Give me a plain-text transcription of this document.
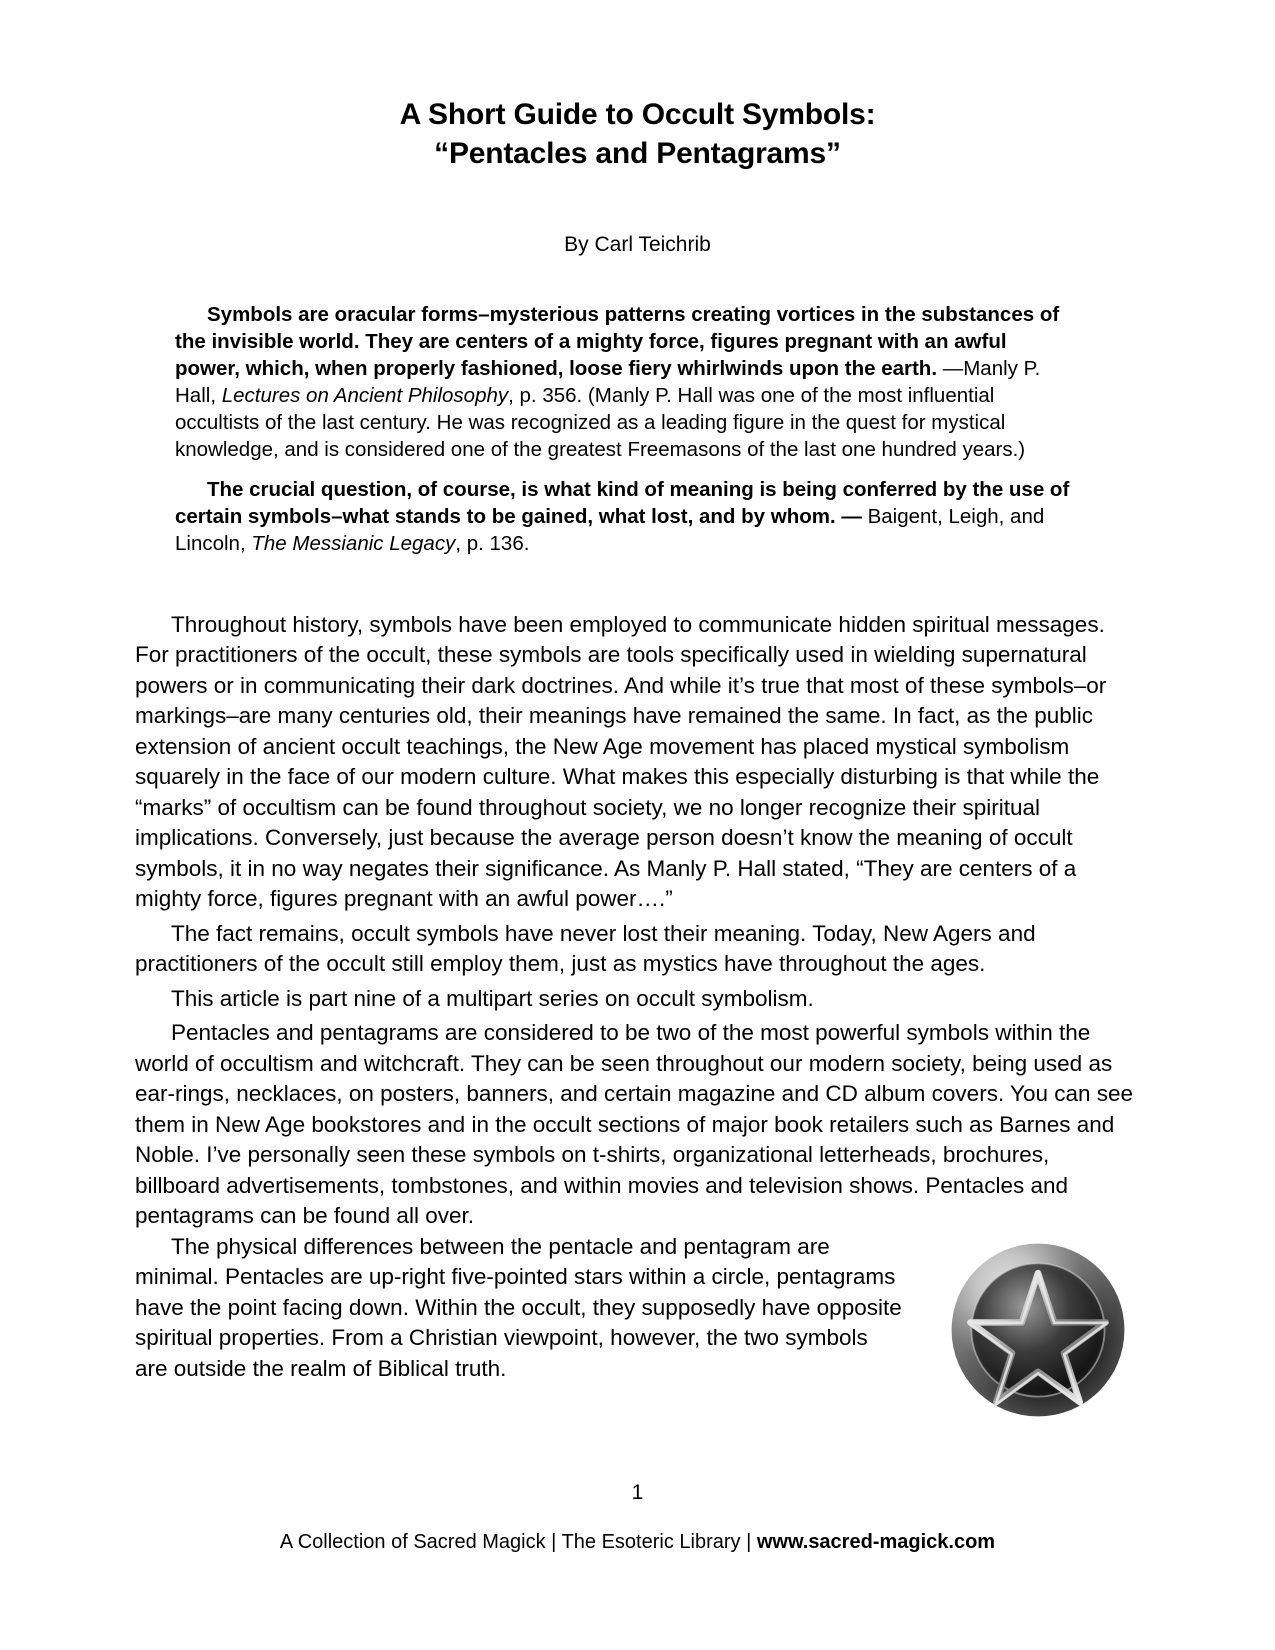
A Short Guide to Occult Symbols:
“Pentacles and Pentagrams”
By Carl Teichrib

Symbols are oracular forms–mysterious patterns creating vortices in the substances of the invisible world. They are centers of a mighty force, figures pregnant with an awful power, which, when properly fashioned, loose fiery whirlwinds upon the earth. —Manly P. Hall, Lectures on Ancient Philosophy, p. 356. (Manly P. Hall was one of the most influential occultists of the last century. He was recognized as a leading figure in the quest for mystical knowledge, and is considered one of the greatest Freemasons of the last one hundred years.)

The crucial question, of course, is what kind of meaning is being conferred by the use of certain symbols–what stands to be gained, what lost, and by whom. — Baigent, Leigh, and Lincoln, The Messianic Legacy, p. 136.

Throughout history, symbols have been employed to communicate hidden spiritual messages. For practitioners of the occult, these symbols are tools specifically used in wielding supernatural powers or in communicating their dark doctrines. And while it’s true that most of these symbols–or markings–are many centuries old, their meanings have remained the same. In fact, as the public extension of ancient occult teachings, the New Age movement has placed mystical symbolism squarely in the face of our modern culture. What makes this especially disturbing is that while the “marks” of occultism can be found throughout society, we no longer recognize their spiritual implications. Conversely, just because the average person doesn’t know the meaning of occult symbols, it in no way negates their significance. As Manly P. Hall stated, “They are centers of a mighty force, figures pregnant with an awful power….”

The fact remains, occult symbols have never lost their meaning. Today, New Agers and practitioners of the occult still employ them, just as mystics have throughout the ages.

This article is part nine of a multipart series on occult symbolism.

Pentacles and pentagrams are considered to be two of the most powerful symbols within the world of occultism and witchcraft. They can be seen throughout our modern society, being used as ear-rings, necklaces, on posters, banners, and certain magazine and CD album covers. You can see them in New Age bookstores and in the occult sections of major book retailers such as Barnes and Noble. I’ve personally seen these symbols on t-shirts, organizational letterheads, brochures, billboard advertisements, tombstones, and within movies and television shows. Pentacles and pentagrams can be found all over.

The physical differences between the pentacle and pentagram are minimal. Pentacles are up-right five-pointed stars within a circle, pentagrams have the point facing down. Within the occult, they supposedly have opposite spiritual properties. From a Christian viewpoint, however, the two symbols are outside the realm of Biblical truth.

1
A Collection of Sacred Magick | The Esoteric Library | www.sacred-magick.com
